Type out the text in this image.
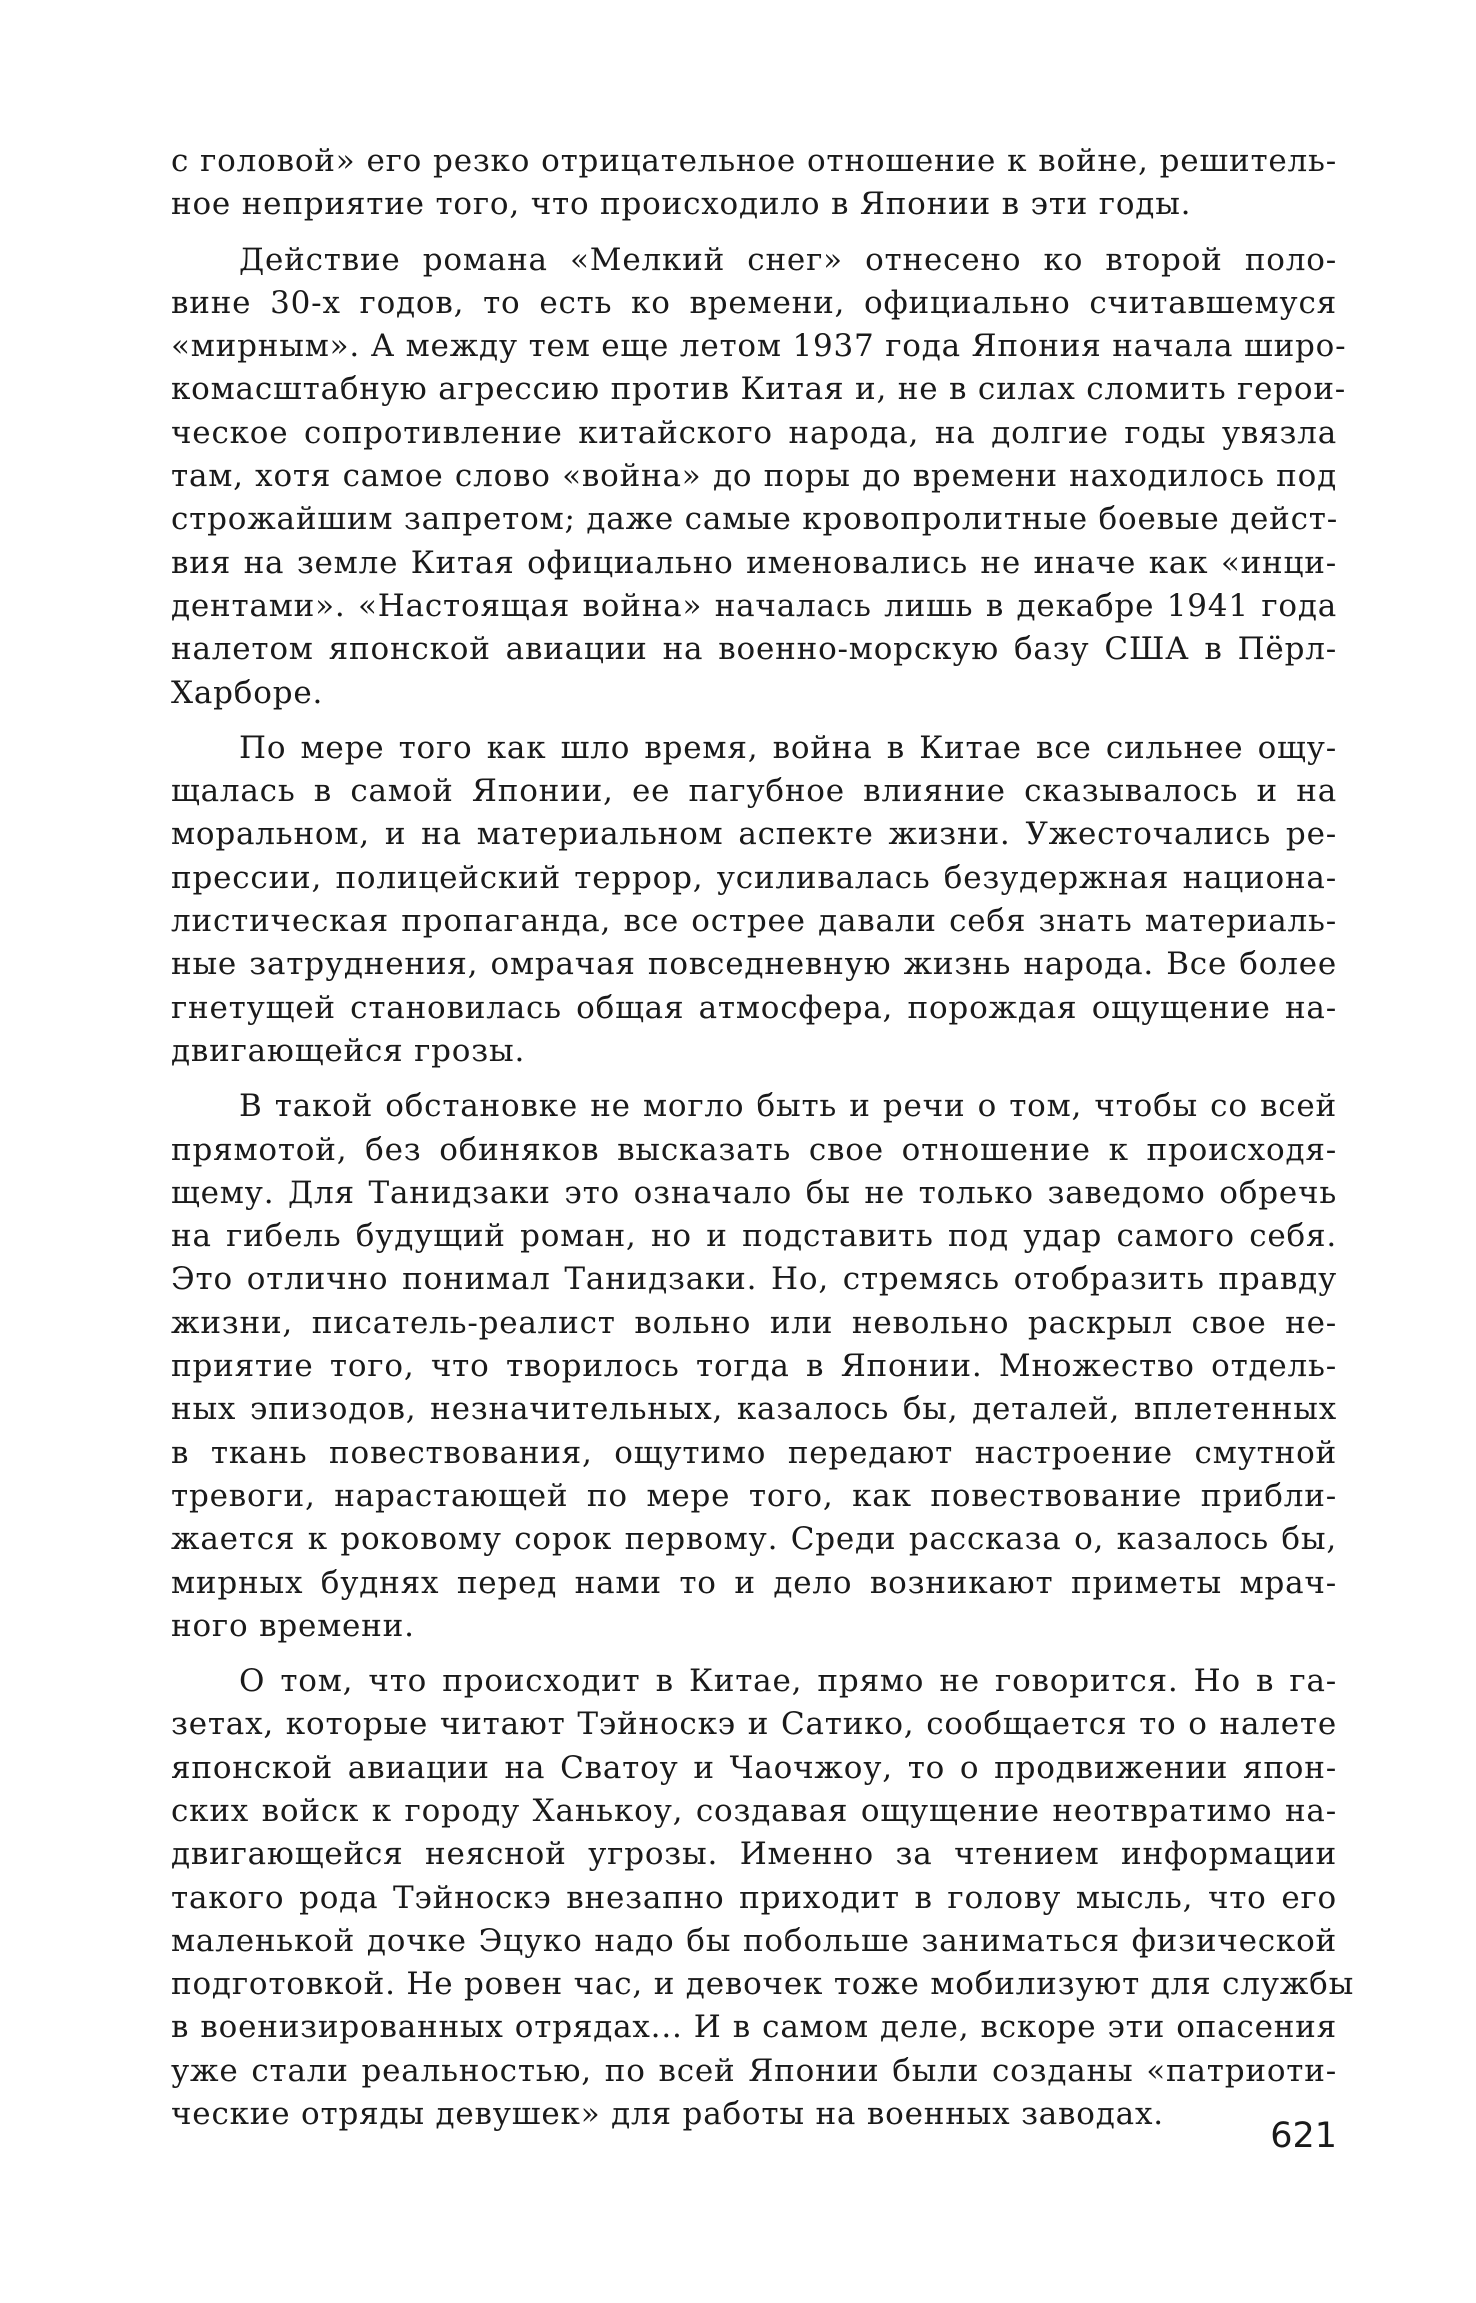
с головой» его резко отрицательное отношение к войне, решитель-
ное неприятие того, что происходило в Японии в эти годы.
Действие романа «Мелкий снег» отнесено ко второй поло-
вине 30-х годов, то есть ко времени, официально считавшемуся
«мирным». А между тем еще летом 1937 года Япония начала широ-
комасштабную агрессию против Китая и, не в силах сломить герои-
ческое сопротивление китайского народа, на долгие годы увязла
там, хотя самое слово «война» до поры до времени находилось под
строжайшим запретом; даже самые кровопролитные боевые дейст-
вия на земле Китая официально именовались не иначе как «инци-
дентами». «Настоящая война» началась лишь в декабре 1941 года
налетом японской авиации на военно-морскую базу США в Пёрл-
Харборе.
По мере того как шло время, война в Китае все сильнее ощу-
щалась в самой Японии, ее пагубное влияние сказывалось и на
моральном, и на материальном аспекте жизни. Ужесточались ре-
прессии, полицейский террор, усиливалась безудержная национа-
листическая пропаганда, все острее давали себя знать материаль-
ные затруднения, омрачая повседневную жизнь народа. Все более
гнетущей становилась общая атмосфера, порождая ощущение на-
двигающейся грозы.
В такой обстановке не могло быть и речи о том, чтобы со всей
прямотой, без обиняков высказать свое отношение к происходя-
щему. Для Танидзаки это означало бы не только заведомо обречь
на гибель будущий роман, но и подставить под удар самого себя.
Это отлично понимал Танидзаки. Но, стремясь отобразить правду
жизни, писатель-реалист вольно или невольно раскрыл свое не-
приятие того, что творилось тогда в Японии. Множество отдель-
ных эпизодов, незначительных, казалось бы, деталей, вплетенных
в ткань повествования, ощутимо передают настроение смутной
тревоги, нарастающей по мере того, как повествование прибли-
жается к роковому сорок первому. Среди рассказа о, казалось бы,
мирных буднях перед нами то и дело возникают приметы мрач-
ного времени.
О том, что происходит в Китае, прямо не говорится. Но в га-
зетах, которые читают Тэйноскэ и Сатико, сообщается то о налете
японской авиации на Сватоу и Чаочжоу, то о продвижении япон-
ских войск к городу Ханькоу, создавая ощущение неотвратимо на-
двигающейся неясной угрозы. Именно за чтением информации
такого рода Тэйноскэ внезапно приходит в голову мысль, что его
маленькой дочке Эцуко надо бы побольше заниматься физической
подготовкой. Не ровен час, и девочек тоже мобилизуют для службы
в военизированных отрядах... И в самом деле, вскоре эти опасения
уже стали реальностью, по всей Японии были созданы «патриоти-
ческие отряды девушек» для работы на военных заводах.
621
